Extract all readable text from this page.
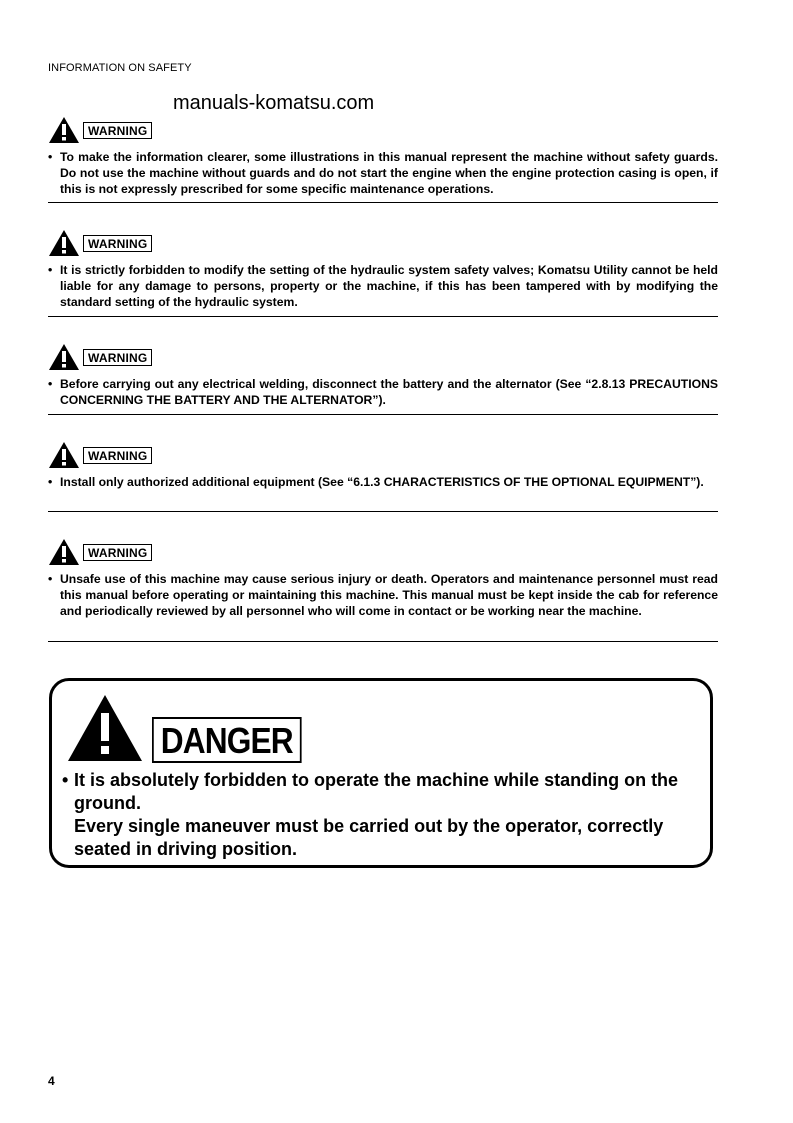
INFORMATION ON SAFETY
manuals-komatsu.com
WARNING
• To make the information clearer, some illustrations in this manual represent the machine without safety guards. Do not use the machine without guards and do not start the engine when the engine protection casing is open, if this is not expressly prescribed for some specific maintenance operations.
WARNING
• It is strictly forbidden to modify the setting of the hydraulic system safety valves; Komatsu Utility cannot be held liable for any damage to persons, property or the machine, if this has been tampered with by modifying the standard setting of the hydraulic system.
WARNING
• Before carrying out any electrical welding, disconnect the battery and the alternator (See “2.8.13 PRECAUTIONS CONCERNING THE BATTERY AND THE ALTERNATOR”).
WARNING
• Install only authorized additional equipment (See “6.1.3 CHARACTERISTICS OF THE OPTIONAL EQUIPMENT”).
WARNING
• Unsafe use of this machine may cause serious injury or death. Operators and maintenance personnel must read this manual before operating or maintaining this machine. This manual must be kept inside the cab for reference and periodically reviewed by all personnel who will come in contact or be working near the machine.
DANGER
• It is absolutely forbidden to operate the machine while standing on the ground.
Every single maneuver must be carried out by the operator, correctly seated in driving position.
4
